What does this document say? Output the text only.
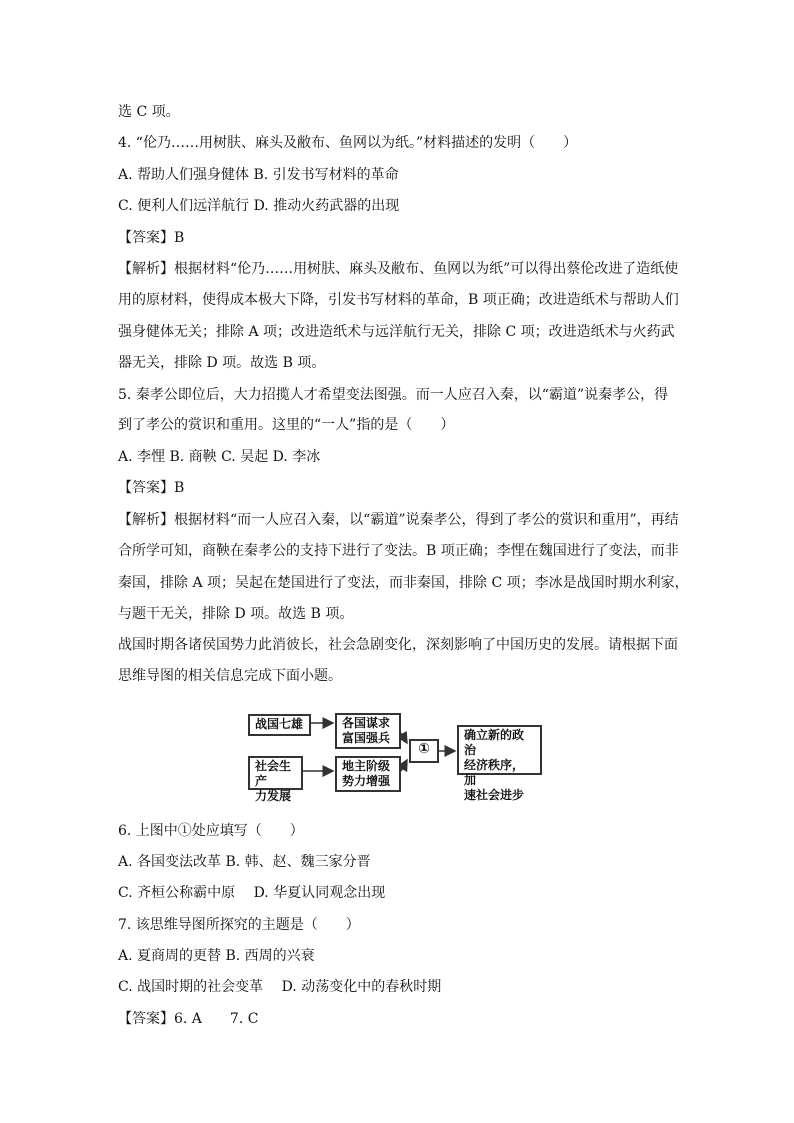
选 C 项。
4. “伦乃……用树肤、麻头及敝布、鱼网以为纸。”材料描述的发明（　　）
A. 帮助人们强身健体 B. 引发书写材料的革命
C. 便利人们远洋航行 D. 推动火药武器的出现
【答案】B
【解析】根据材料“伦乃……用树肤、麻头及敝布、鱼网以为纸”可以得出蔡伦改进了造纸使
用的原材料，使得成本极大下降，引发书写材料的革命，B 项正确；改进造纸术与帮助人们
强身健体无关；排除 A 项；改进造纸术与远洋航行无关，排除 C 项；改进造纸术与火药武
器无关，排除 D 项。故选 B 项。
5. 秦孝公即位后，大力招揽人才希望变法图强。而一人应召入秦，以“霸道”说秦孝公，得
到了孝公的赏识和重用。这里的“一人”指的是（　　）
A. 李悝 B. 商鞅 C. 吴起 D. 李冰
【答案】B
【解析】根据材料“而一人应召入秦，以“霸道”说秦孝公，得到了孝公的赏识和重用”，再结
合所学可知，商鞅在秦孝公的支持下进行了变法。B 项正确；李悝在魏国进行了变法，而非
秦国，排除 A 项；吴起在楚国进行了变法，而非秦国，排除 C 项；李冰是战国时期水利家，
与题干无关，排除 D 项。故选 B 项。
战国时期各诸侯国势力此消彼长，社会急剧变化，深刻影响了中国历史的发展。请根据下面
思维导图的相关信息完成下面小题。
战国七雄	各国谋求
富国强兵
社会生产
力发展
地主阶级
势力增强
①
确立新的政治
经济秩序，加
速社会进步
6. 上图中①处应填写（　　）
A. 各国变法改革 B. 韩、赵、魏三家分晋
C. 齐桓公称霸中原　 D. 华夏认同观念出现
7. 该思维导图所探究的主题是（　　）
A. 夏商周的更替 B. 西周的兴衰
C. 战国时期的社会变革　 D. 动荡变化中的春秋时期
【答案】6. A　　7. C
